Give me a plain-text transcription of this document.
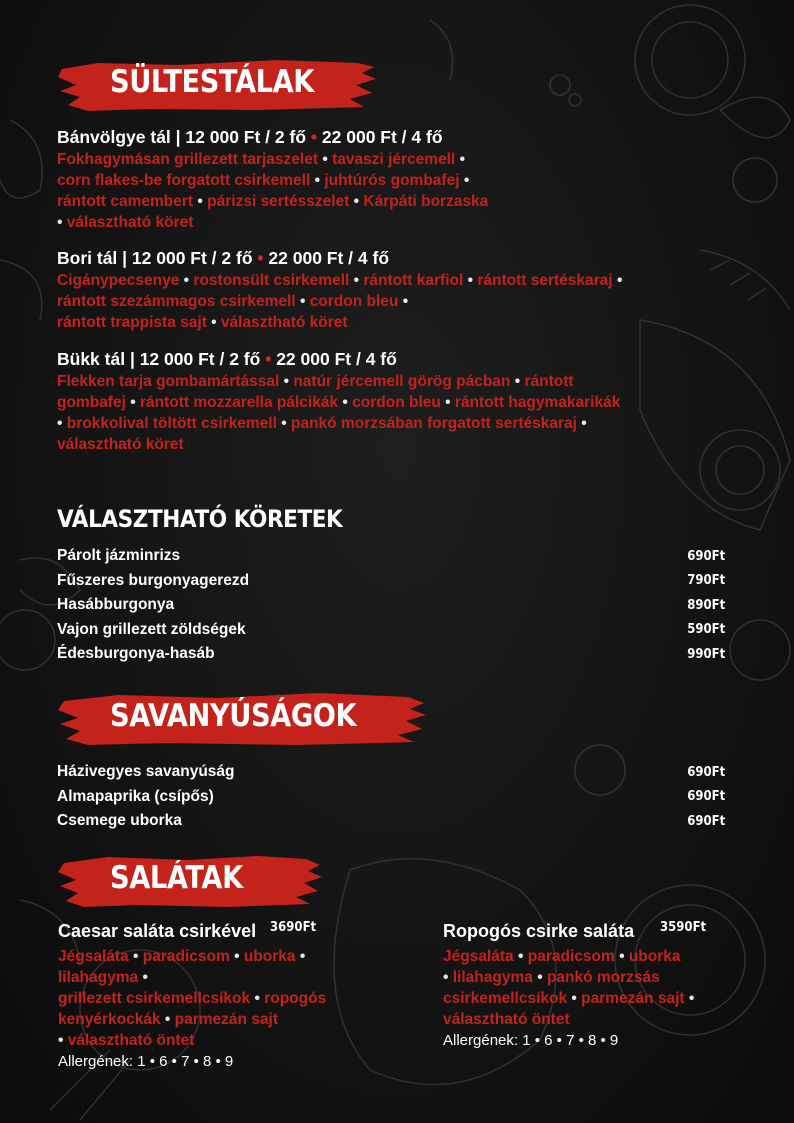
SÜLTESTÁLAK
Bánvölgye tál | 12 000 Ft / 2 fő • 22 000 Ft / 4 fő
Fokhagymásan grillezett tarjaszelet • tavaszi jércemell •
corn flakes-be forgatott csirkemell • juhtúrós gombafej •
rántott camembert • párizsi sertésszelet • Kárpáti borzaska
• választható köret
Bori tál | 12 000 Ft / 2 fő • 22 000 Ft / 4 fő
Cigánypecsenye • rostonsült csirkemell • rántott karfiol • rántott sertéskaraj •
rántott szezámmagos csirkemell • cordon bleu •
rántott trappista sajt • választható köret
Bükk tál | 12 000 Ft / 2 fő • 22 000 Ft / 4 fő
Flekken tarja gombamártással • natúr jércemell görög pácban • rántott
gombafej • rántott mozzarella pálcikák • cordon bleu • rántott hagymakarikák
• brokkolival töltött csirkemell • pankó morzsában forgatott sertéskaraj •
választható köret
VÁLASZTHATÓ KÖRETEK
Párolt jázminrizs	690Ft
Fűszeres burgonyagerezd	790Ft
Hasábburgonya	890Ft
Vajon grillezett zöldségek	590Ft
Édesburgonya-hasáb	990Ft
SAVANYÚSÁGOK
Házivegyes savanyúság	690Ft
Almapaprika (csípős)	690Ft
Csemege uborka	690Ft
SALÁTAK
Caesar saláta csirkével 3690Ft
Jégsaláta • paradicsom • uborka •
lilahagyma •
grillezett csirkemellcsíkok • ropogós
kenyérkockák • parmezán sajt
• választható öntet
Allergének: 1 • 6 • 7 • 8 • 9
Ropogós csirke saláta 3590Ft
Jégsaláta • paradicsom • uborka
• lilahagyma • pankó morzsás
csirkemellcsíkok • parmezán sajt •
választható öntet
Allergének: 1 • 6 • 7 • 8 • 9
